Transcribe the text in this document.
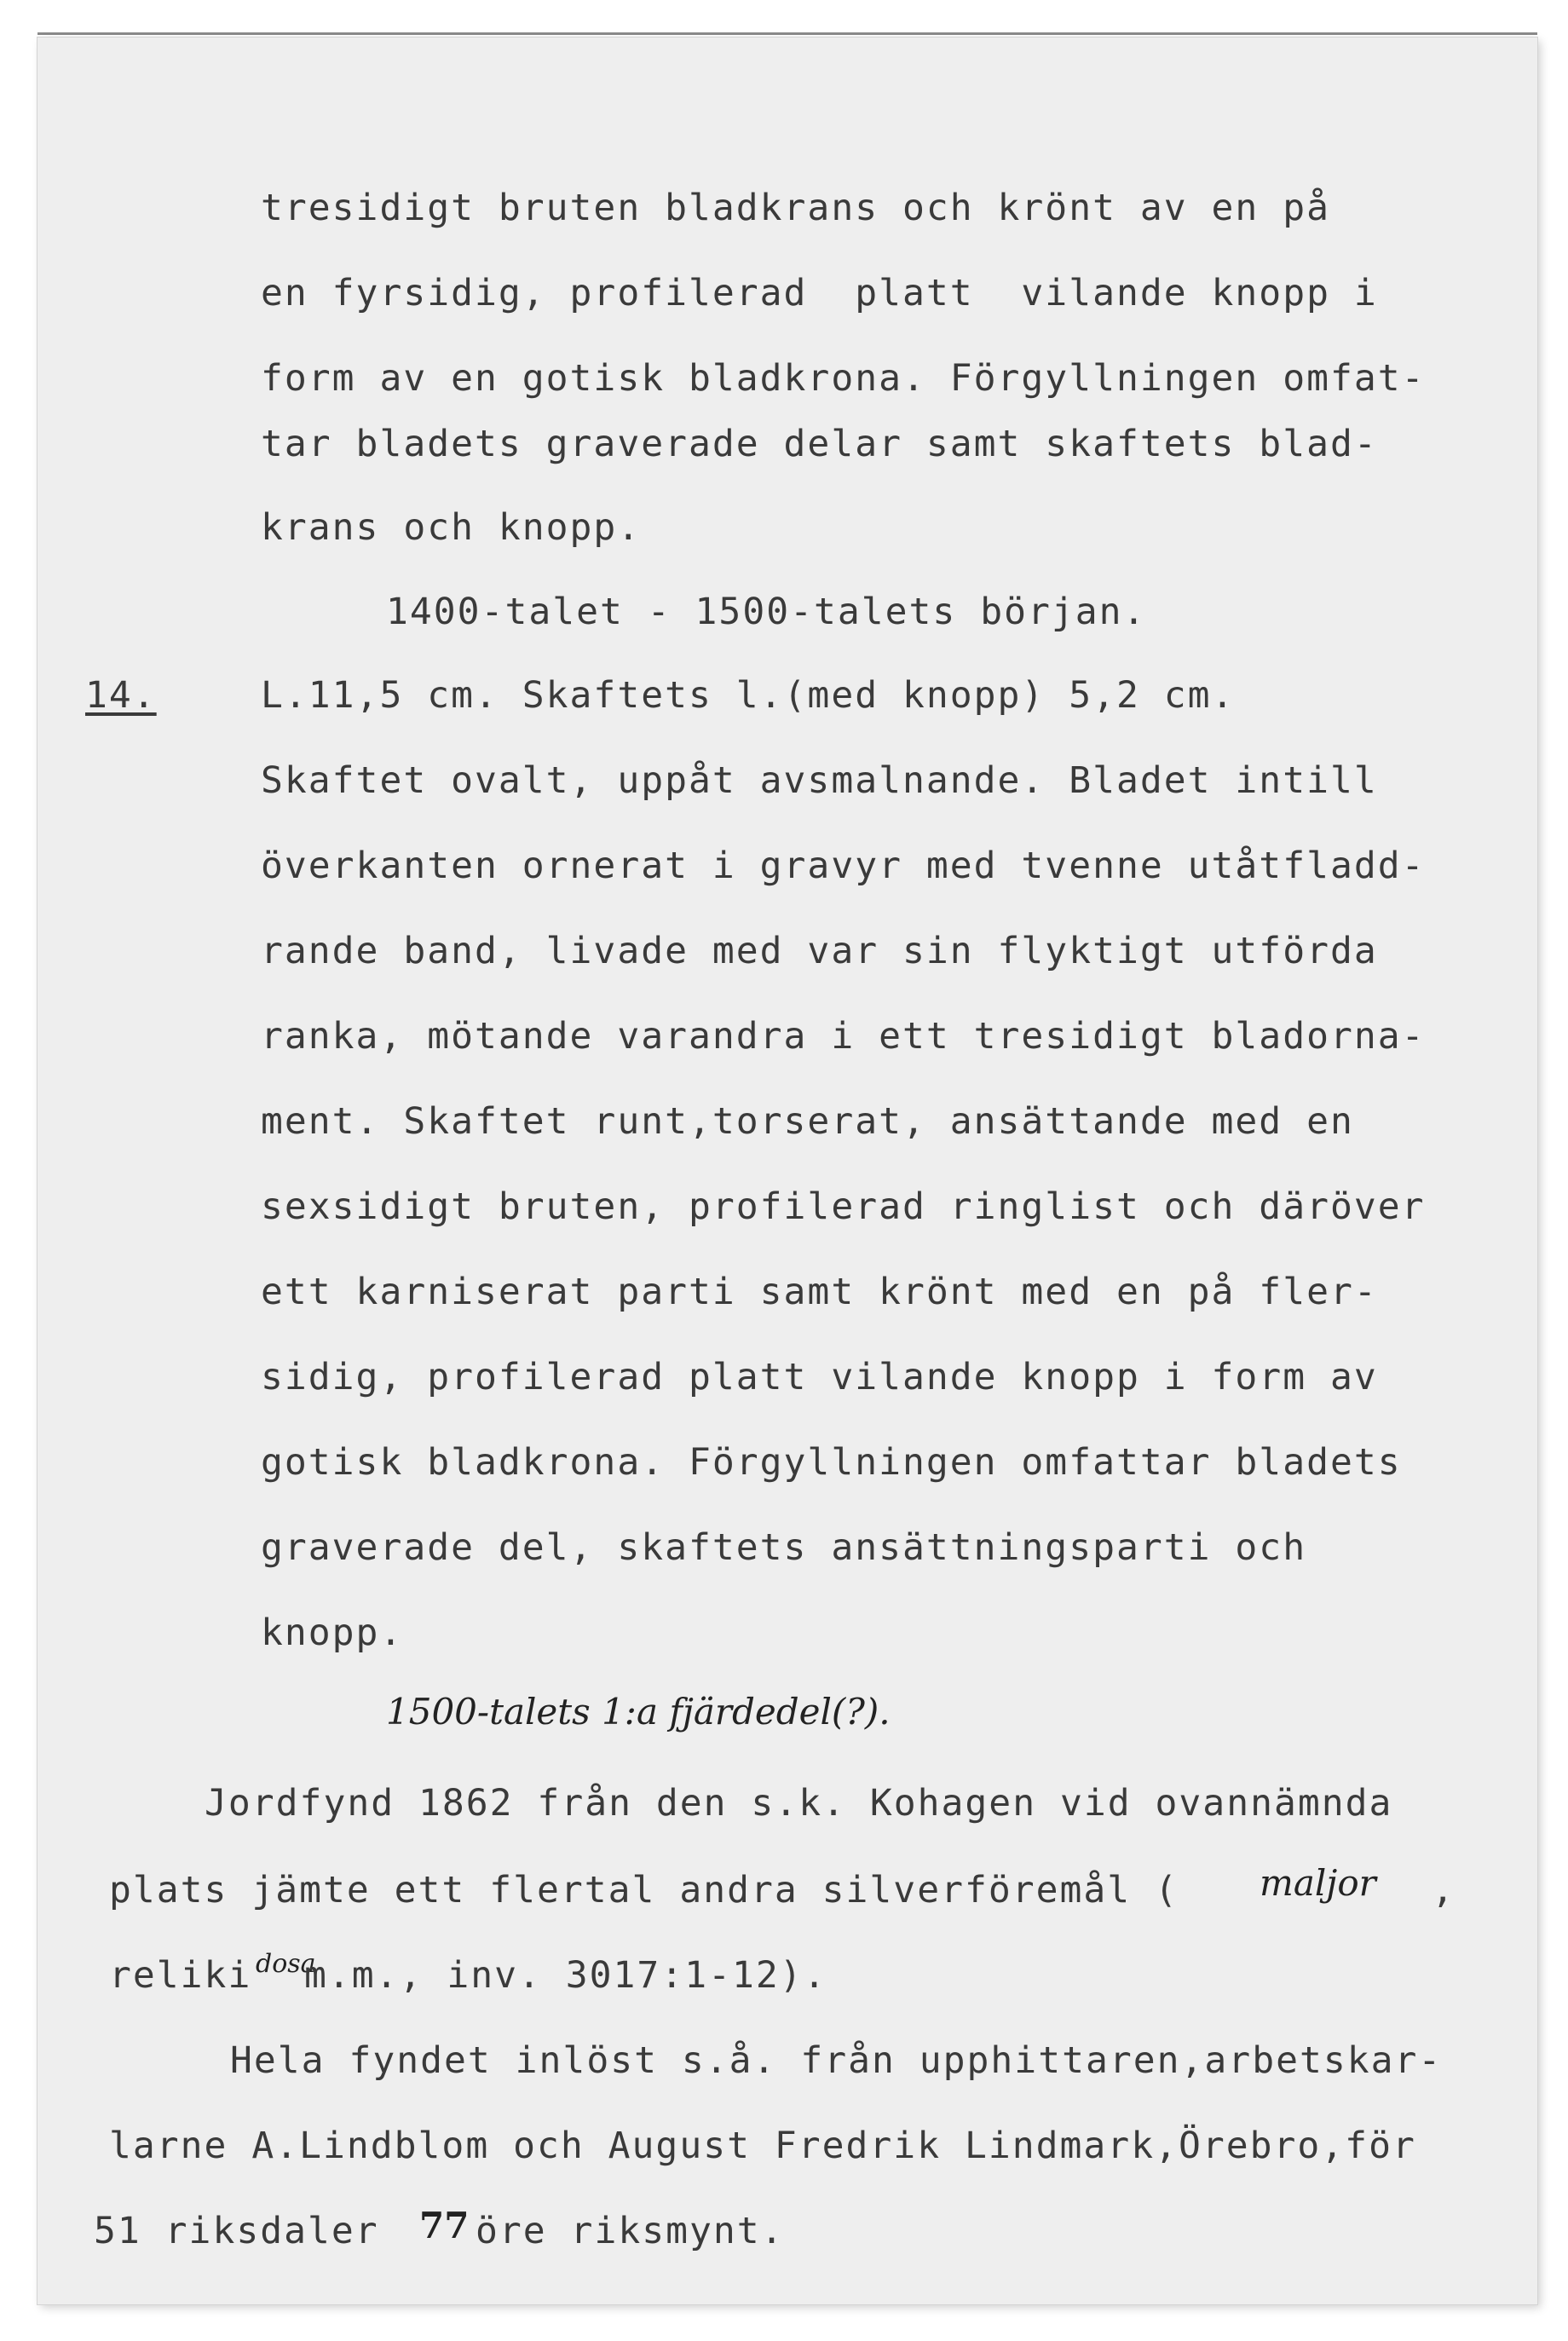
tresidigt bruten bladkrans och krönt av en på
en fyrsidig, profilerad  platt  vilande knopp i
form av en gotisk bladkrona. Förgyllningen omfat-
tar bladets graverade delar samt skaftets blad-
krans och knopp.
1400-talet - 1500-talets början.
14.	L.11,5 cm. Skaftets l.(med knopp) 5,2 cm.
Skaftet ovalt, uppåt avsmalnande. Bladet intill
överkanten ornerat i gravyr med tvenne utåtfladd-
rande band, livade med var sin flyktigt utförda
ranka, mötande varandra i ett tresidigt bladorna-
ment. Skaftet runt,torserat, ansättande med en
sexsidigt bruten, profilerad ringlist och däröver
ett karniserat parti samt krönt med en på fler-
sidig, profilerad platt vilande knopp i form av
gotisk bladkrona. Förgyllningen omfattar bladets
graverade del, skaftets ansättningsparti och
knopp.
1500-talets 1:a fjärdedel(?).
Jordfynd 1862 från den s.k. Kohagen vid ovannämnda
plats jämte ett flertal andra silverföremål ( maljor ,
reliki dosa
m.m., inv. 3017:1-12).
Hela fyndet inlöst s.å. från upphittaren,arbetskar-
larne A.Lindblom och August Fredrik Lindmark,Örebro,för
51 riksdaler 77 öre riksmynt.
